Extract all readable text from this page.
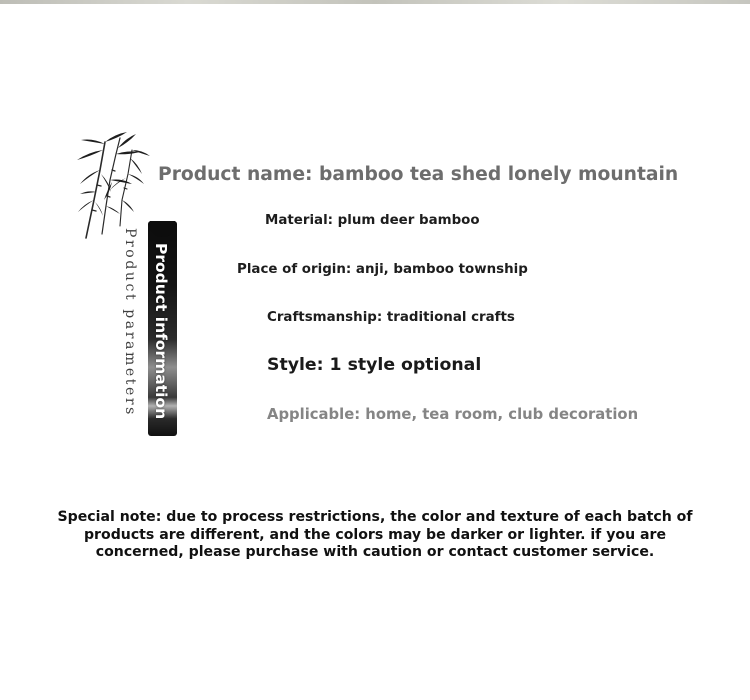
Product parameters Product information
Product name: bamboo tea shed lonely mountain
Material: plum deer bamboo
Place of origin: anji, bamboo township
Craftsmanship: traditional crafts
Style: 1 style optional
Applicable: home, tea room, club decoration
Special note: due to process restrictions, the color and texture of each batch of products are different, and the colors may be darker or lighter. if you are concerned, please purchase with caution or contact customer service.
